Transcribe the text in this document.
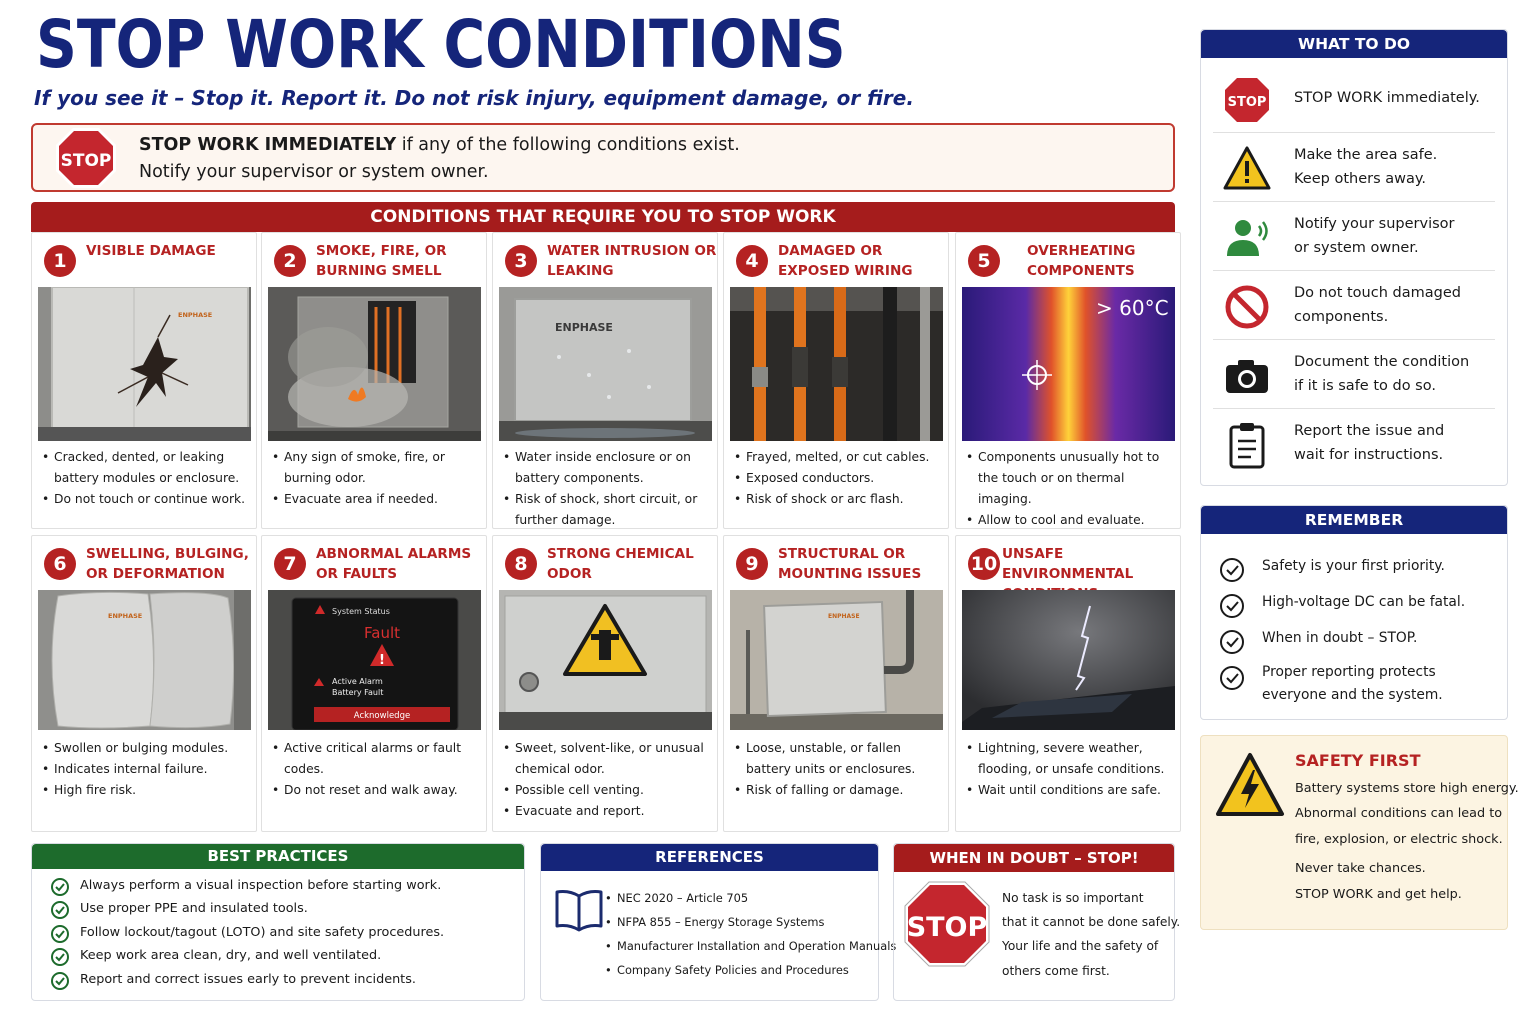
STOP WORK CONDITIONS
If you see it – Stop it. Report it. Do not risk injury, equipment damage, or fire.
STOP
STOP WORK IMMEDIATELY if any of the following conditions exist.
Notify your supervisor or system owner.
CONDITIONS THAT REQUIRE YOU TO STOP WORK
1	VISIBLE DAMAGE
ENPHASE
• Cracked, dented, or leaking battery modules or enclosure.
• Do not touch or continue work.
2	SMOKE, FIRE, OR BURNING SMELL
• Any sign of smoke, fire, or burning odor.
• Evacuate area if needed.
3	WATER INTRUSION OR LEAKING
ENPHASE
• Water inside enclosure or on battery components.
• Risk of shock, short circuit, or further damage.
4	DAMAGED OR EXPOSED WIRING
• Frayed, melted, or cut cables.
• Exposed conductors.
• Risk of shock or arc flash.
5	OVERHEATING COMPONENTS
> 60°C
• Components unusually hot to the touch or on thermal imaging.
• Allow to cool and evaluate.
6	SWELLING, BULGING, OR DEFORMATION
ENPHASE
• Swollen or bulging modules.
• Indicates internal failure.
• High fire risk.
7	ABNORMAL ALARMS OR FAULTS
System Status
Fault
!
Active Alarm
Battery Fault
Acknowledge
• Active critical alarms or fault codes.
• Do not reset and walk away.
8	STRONG CHEMICAL ODOR
• Sweet, solvent-like, or unusual chemical odor.
• Possible cell venting.
• Evacuate and report.
9	STRUCTURAL OR MOUNTING ISSUES
ENPHASE
• Loose, unstable, or fallen battery units or enclosures.
• Risk of falling or damage.
10 UNSAFE ENVIRONMENTAL
• Lightning, severe weather, flooding, or unsafe conditions.
• Wait until conditions are safe.
WHAT TO DO
STOP STOP WORK immediately.
Make the area safe.
Keep others away.
Notify your supervisor
or system owner.
Do not touch damaged
components.
Document the condition
if it is safe to do so.
Report the issue and
wait for instructions.
REMEMBER
Safety is your first priority.
High-voltage DC can be fatal.
When in doubt – STOP.
Proper reporting protects
everyone and the system.
SAFETY FIRST
Battery systems store high energy.
Abnormal conditions can lead to
fire, explosion, or electric shock.
Never take chances.
STOP WORK and get help.
BEST PRACTICES
Always perform a visual inspection before starting work.
Use proper PPE and insulated tools.
Follow lockout/tagout (LOTO) and site safety procedures.
Keep work area clean, dry, and well ventilated.
Report and correct issues early to prevent incidents.
REFERENCES
• NEC 2020 – Article 705
• NFPA 855 – Energy Storage Systems
• Manufacturer Installation and Operation Manuals
• Company Safety Policies and Procedures
WHEN IN DOUBT – STOP!
STOP
No task is so important
that it cannot be done safely.
Your life and the safety of
others come first.
